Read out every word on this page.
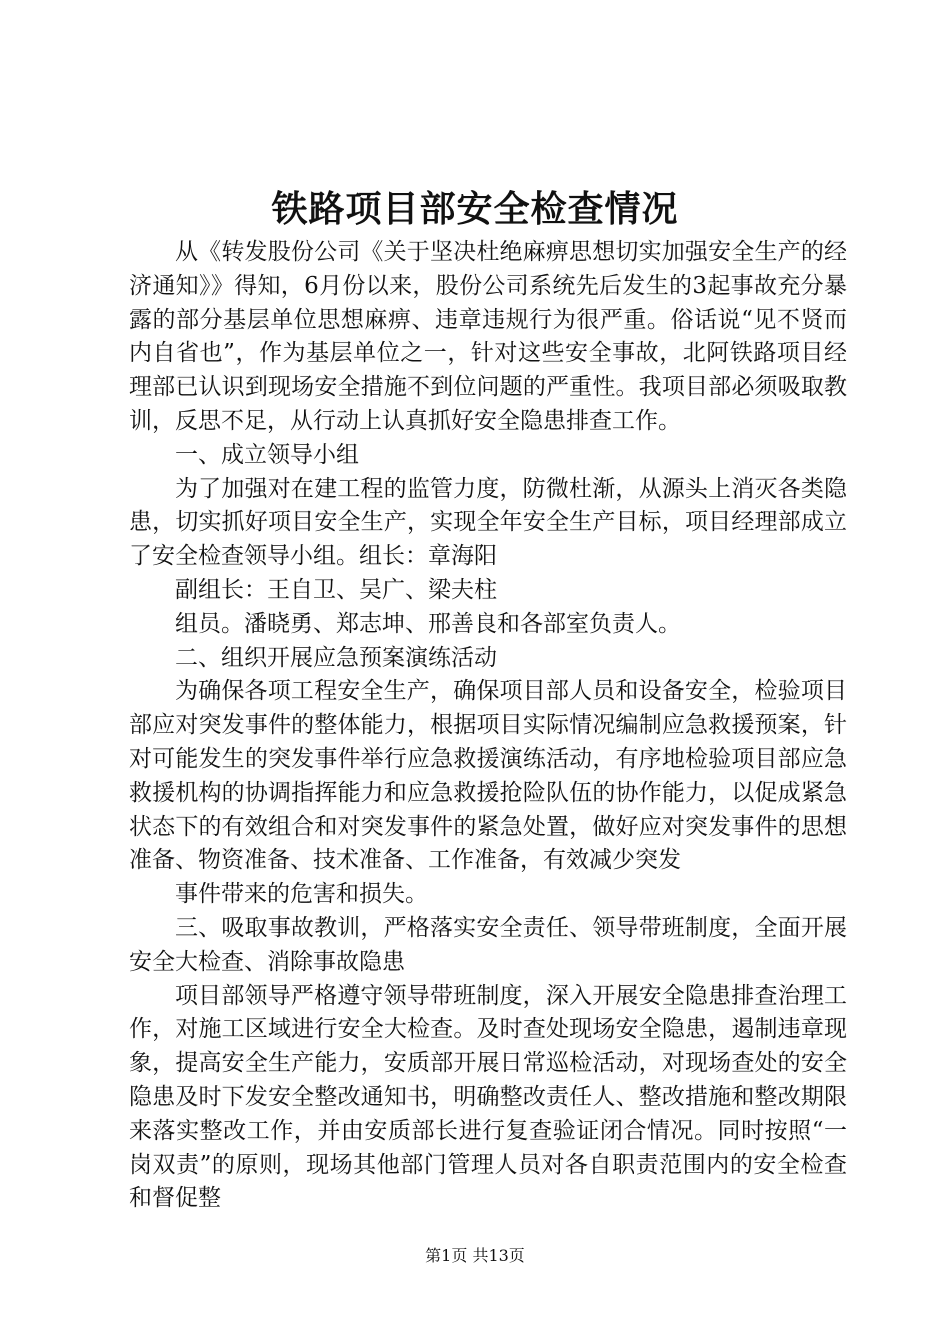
铁路项目部安全检查情况

从《转发股份公司《关于坚决杜绝麻痹思想切实加强安全生产的经济通知》》得知，6月份以来，股份公司系统先后发生的3起事故充分暴露的部分基层单位思想麻痹、违章违规行为很严重。俗话说“见不贤而内自省也”，作为基层单位之一，针对这些安全事故，北阿铁路项目经理部已认识到现场安全措施不到位问题的严重性。我项目部必须吸取教训，反思不足，从行动上认真抓好安全隐患排查工作。

一、成立领导小组

为了加强对在建工程的监管力度，防微杜渐，从源头上消灭各类隐患，切实抓好项目安全生产，实现全年安全生产目标，项目经理部成立了安全检查领导小组。组长：章海阳

副组长：王自卫、吴广、梁夫柱

组员。潘晓勇、郑志坤、邢善良和各部室负责人。

二、组织开展应急预案演练活动

为确保各项工程安全生产，确保项目部人员和设备安全，检验项目部应对突发事件的整体能力，根据项目实际情况编制应急救援预案，针对可能发生的突发事件举行应急救援演练活动，有序地检验项目部应急救援机构的协调指挥能力和应急救援抢险队伍的协作能力，以促成紧急状态下的有效组合和对突发事件的紧急处置，做好应对突发事件的思想准备、物资准备、技术准备、工作准备，有效减少突发

事件带来的危害和损失。

三、吸取事故教训，严格落实安全责任、领导带班制度，全面开展安全大检查、消除事故隐患

项目部领导严格遵守领导带班制度，深入开展安全隐患排查治理工作，对施工区域进行安全大检查。及时查处现场安全隐患，遏制违章现象，提高安全生产能力，安质部开展日常巡检活动，对现场查处的安全隐患及时下发安全整改通知书，明确整改责任人、整改措施和整改期限来落实整改工作，并由安质部长进行复查验证闭合情况。同时按照“一岗双责”的原则，现场其他部门管理人员对各自职责范围内的安全检查和督促整

第1页 共13页
